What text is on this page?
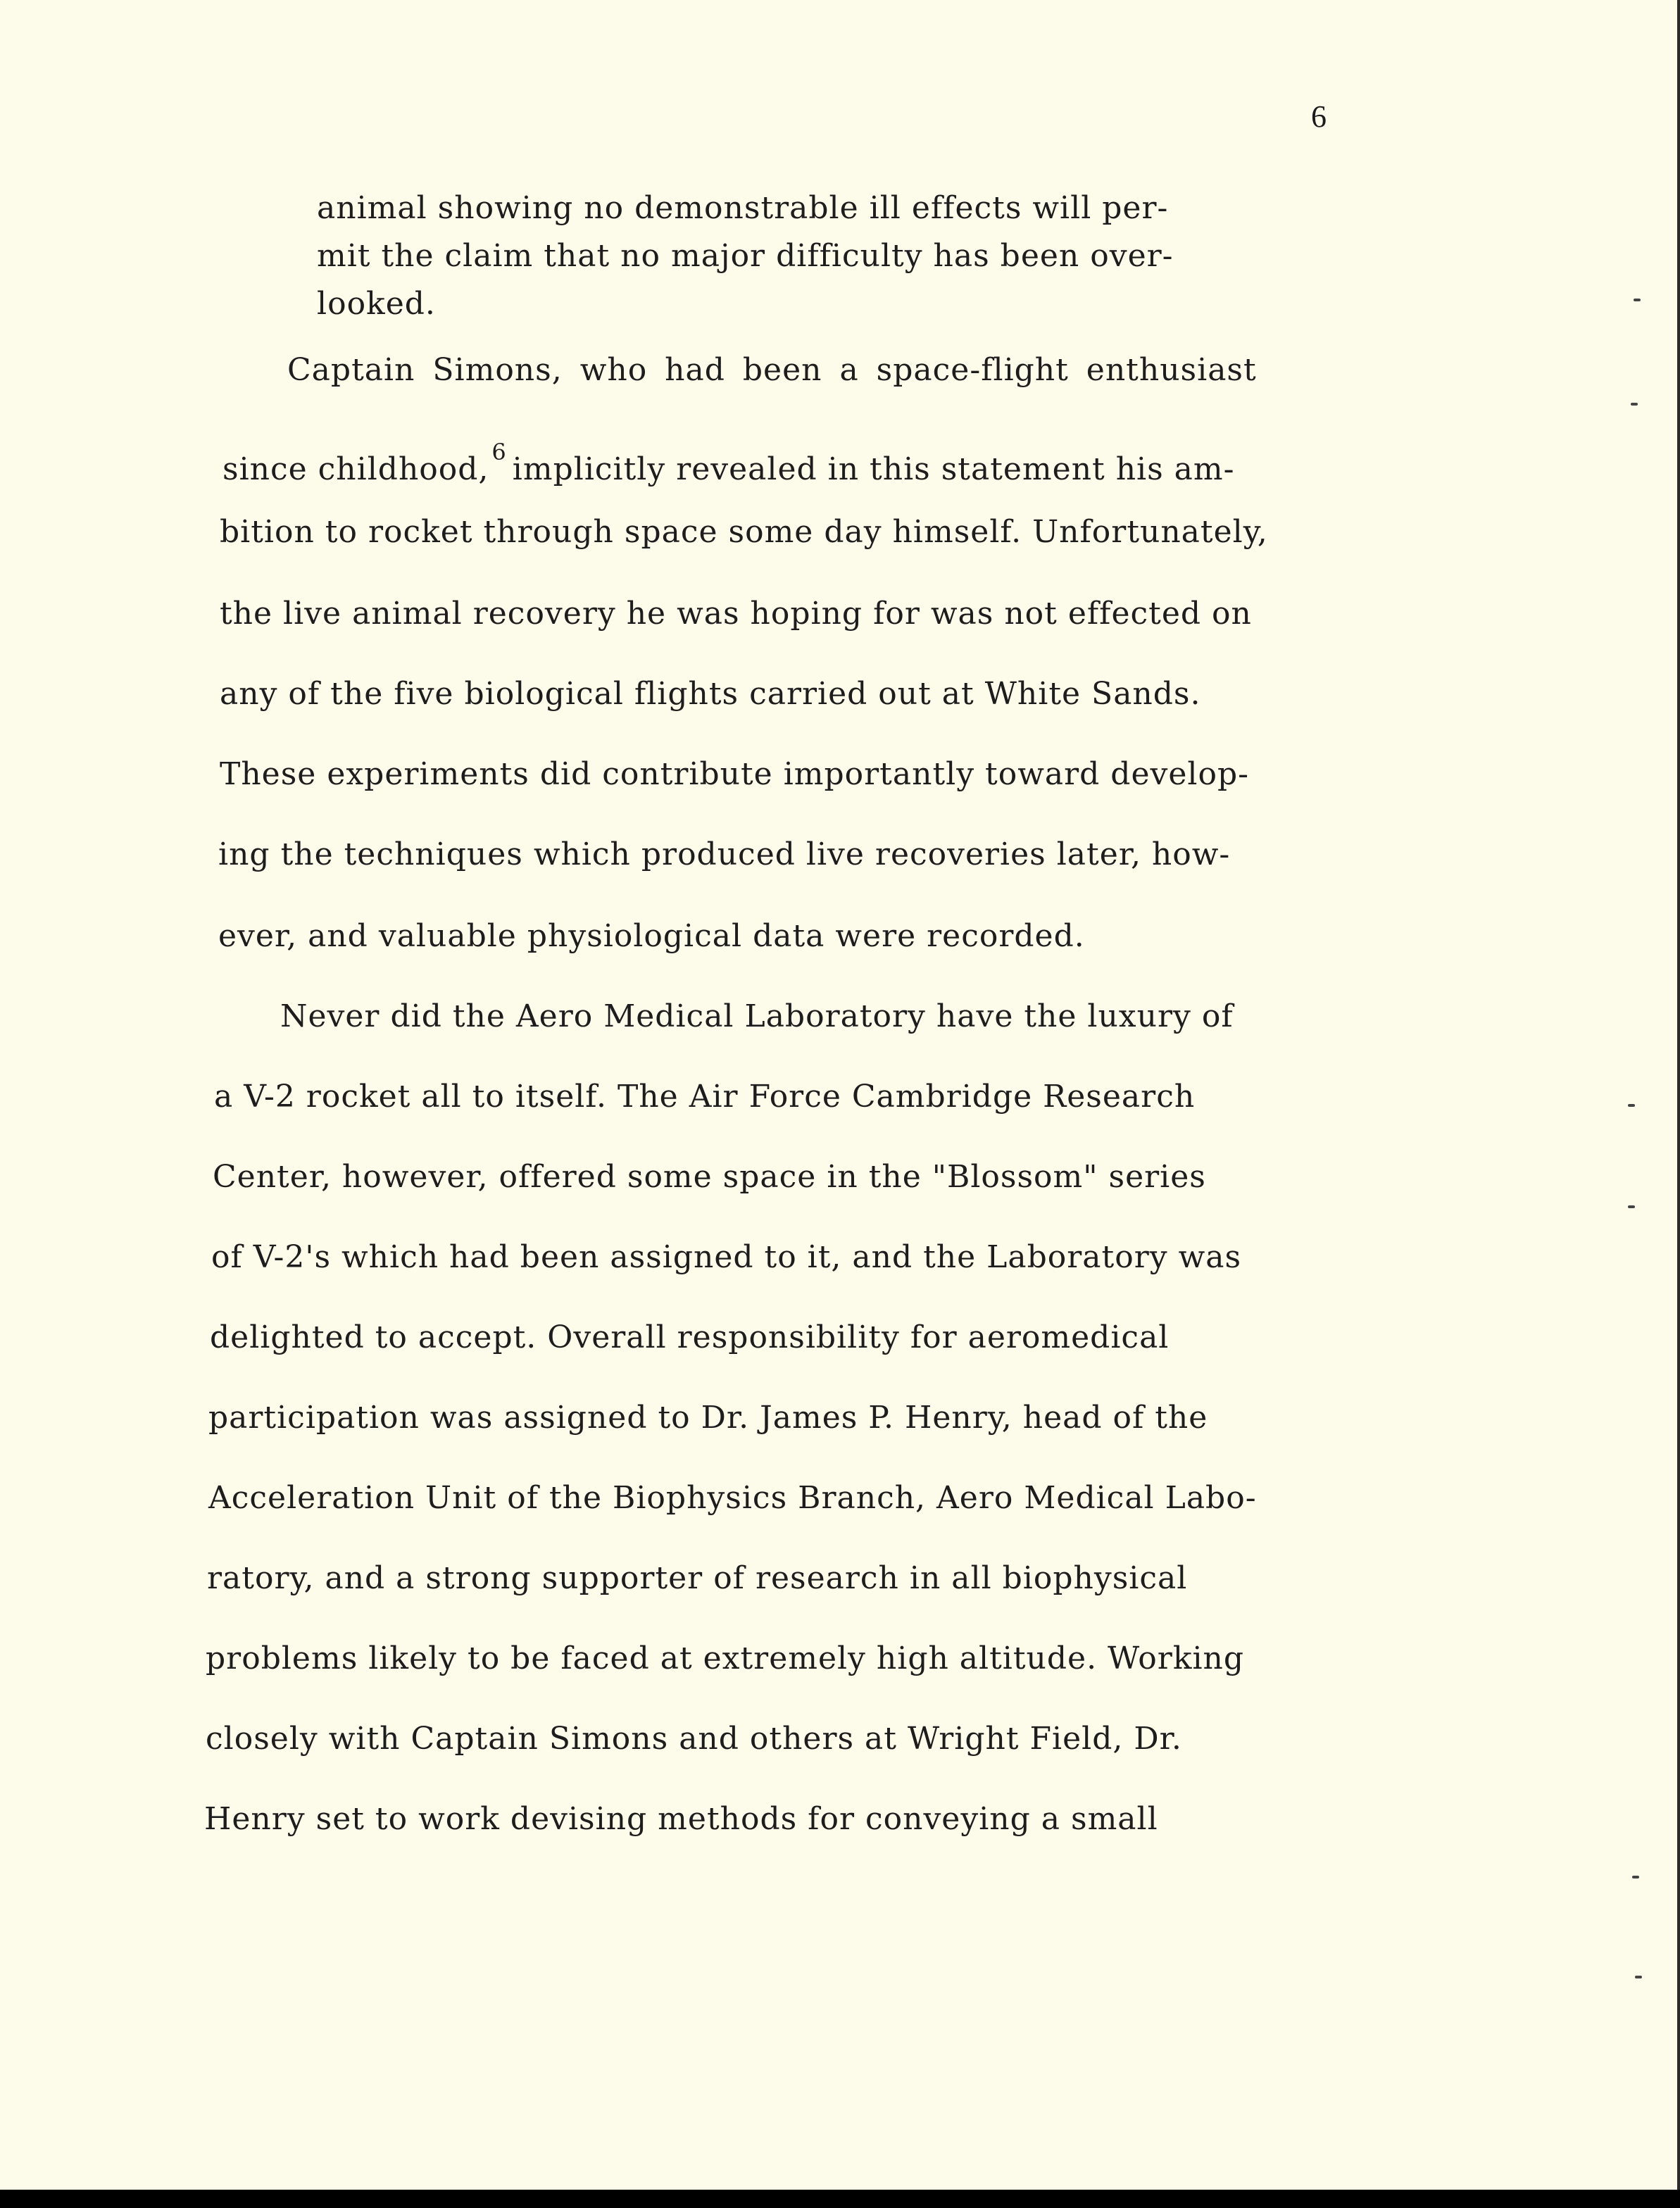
6
animal showing no demonstrable ill effects will per-
mit the claim that no major difficulty has been over-
looked.
Captain Simons, who had been a space-flight enthusiast
since childhood, $^6$ implicitly revealed in this statement his am-
bition to rocket through space some day himself. Unfortunately,
the live animal recovery he was hoping for was not effected on
any of the five biological flights carried out at White Sands.
These experiments did contribute importantly toward develop-
ing the techniques which produced live recoveries later, how-
ever, and valuable physiological data were recorded.
Never did the Aero Medical Laboratory have the luxury of
a V-2 rocket all to itself. The Air Force Cambridge Research
Center, however, offered some space in the "Blossom" series
of V-2's which had been assigned to it, and the Laboratory was
delighted to accept. Overall responsibility for aeromedical
participation was assigned to Dr. James P. Henry, head of the
Acceleration Unit of the Biophysics Branch, Aero Medical Labo-
ratory, and a strong supporter of research in all biophysical
problems likely to be faced at extremely high altitude. Working
closely with Captain Simons and others at Wright Field, Dr.
Henry set to work devising methods for conveying a small
